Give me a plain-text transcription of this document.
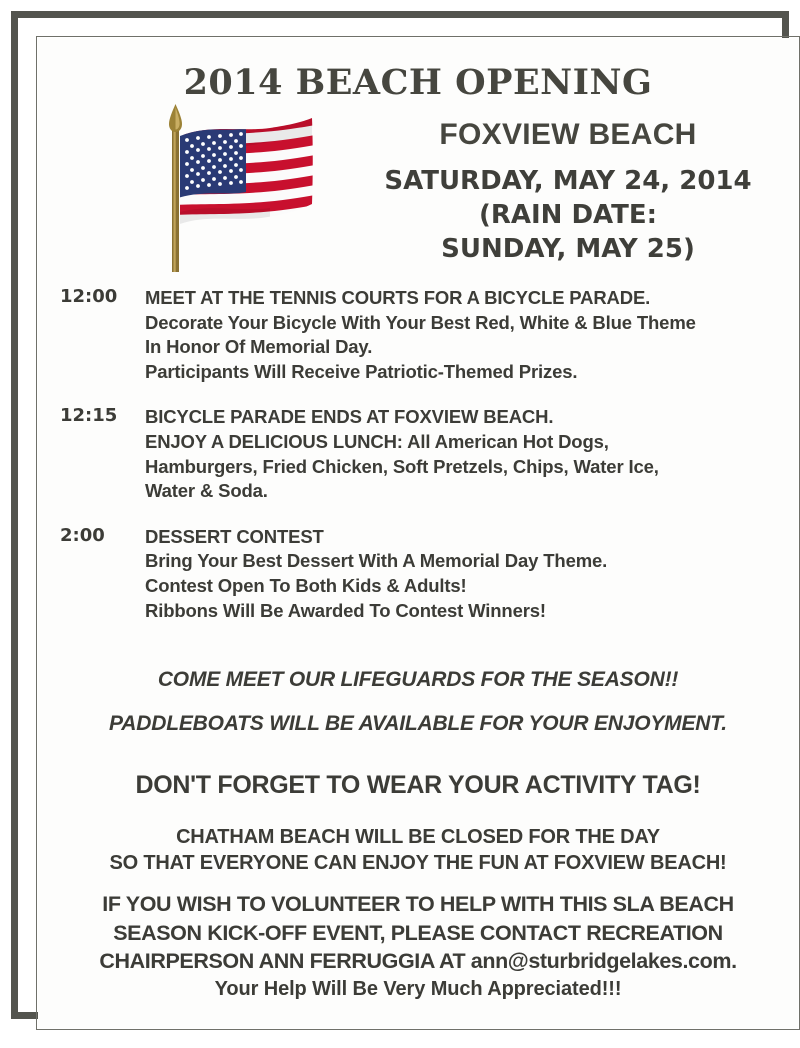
2014 BEACH OPENING
FOXVIEW BEACH
SATURDAY, MAY 24, 2014
(RAIN DATE:
SUNDAY, MAY 25)
12:00	MEET AT THE TENNIS COURTS FOR A BICYCLE PARADE.
Decorate Your Bicycle With Your Best Red, White & Blue Theme
In Honor Of Memorial Day.
Participants Will Receive Patriotic-Themed Prizes.
12:15	BICYCLE PARADE ENDS AT FOXVIEW BEACH.
ENJOY A DELICIOUS LUNCH: All American Hot Dogs,
Hamburgers, Fried Chicken, Soft Pretzels, Chips, Water Ice,
Water & Soda.
2:00	DESSERT CONTEST
Bring Your Best Dessert With A Memorial Day Theme.
Contest Open To Both Kids & Adults!
Ribbons Will Be Awarded To Contest Winners!
COME MEET OUR LIFEGUARDS FOR THE SEASON!!
PADDLEBOATS WILL BE AVAILABLE FOR YOUR ENJOYMENT.
DON'T FORGET TO WEAR YOUR ACTIVITY TAG!
CHATHAM BEACH WILL BE CLOSED FOR THE DAY
SO THAT EVERYONE CAN ENJOY THE FUN AT FOXVIEW BEACH!
IF YOU WISH TO VOLUNTEER TO HELP WITH THIS SLA BEACH
SEASON KICK-OFF EVENT, PLEASE CONTACT RECREATION
CHAIRPERSON ANN FERRUGGIA AT ann@sturbridgelakes.com.
Your Help Will Be Very Much Appreciated!!!
